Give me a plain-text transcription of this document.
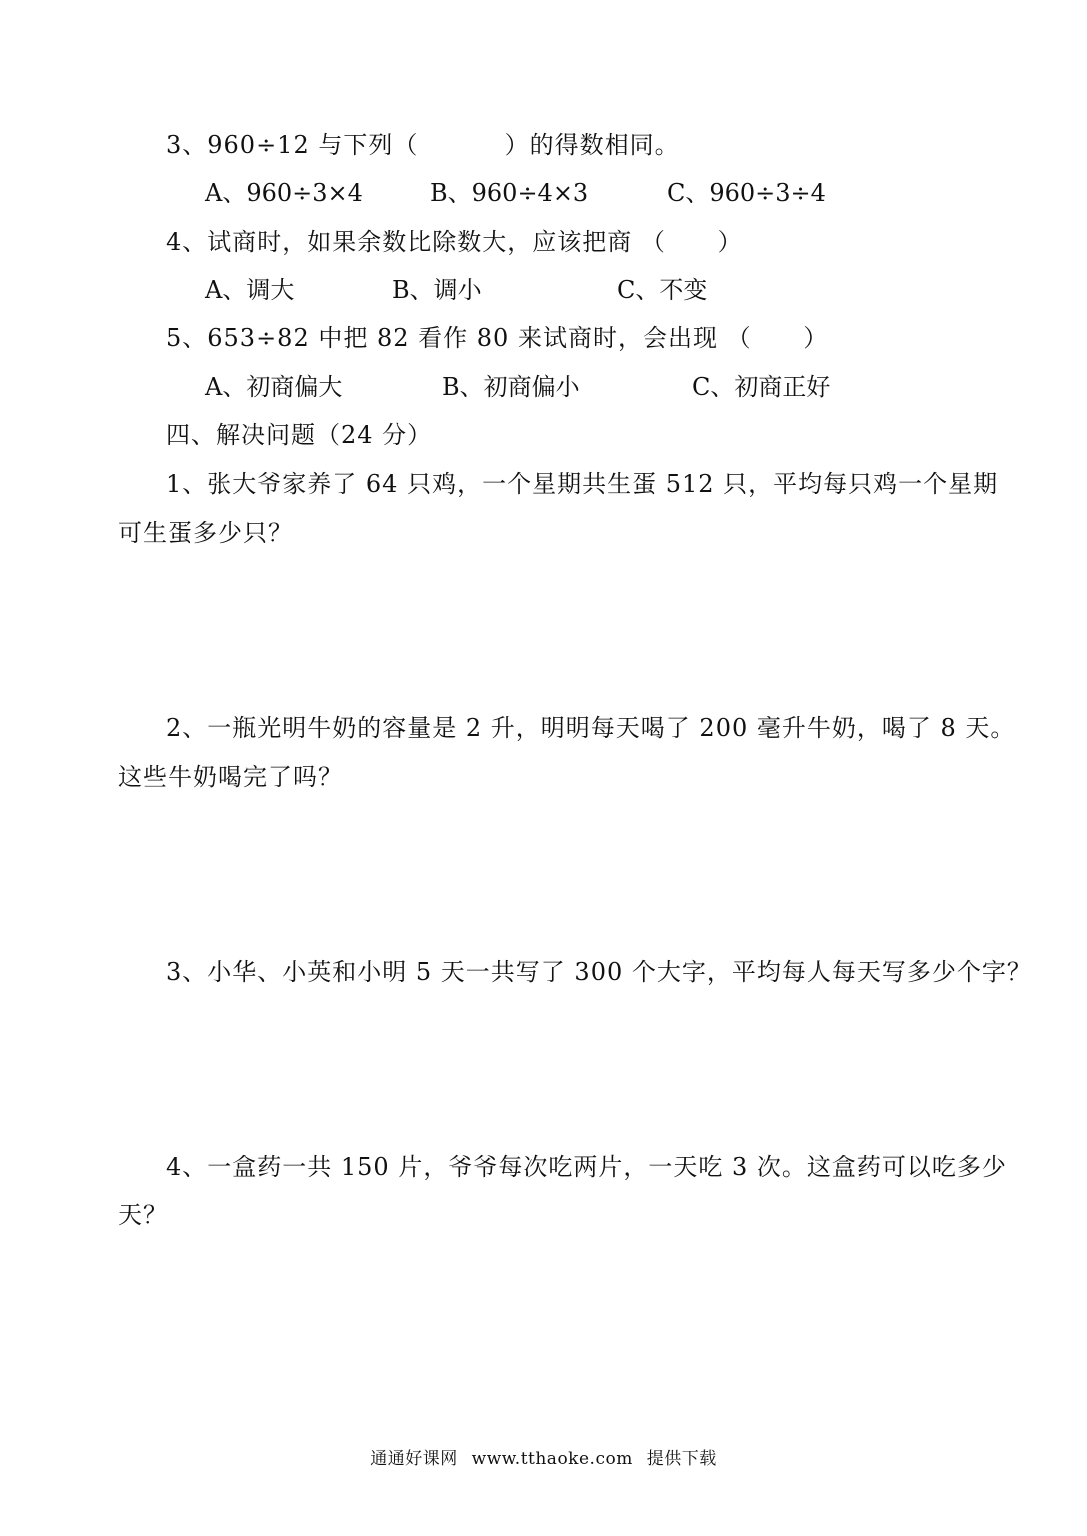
3、960÷12 与下列（          ）的得数相同。
A、960÷3×4	B、960÷4×3	C、960÷3÷4
4、试商时，如果余数比除数大，应该把商 （      ）
A、调大	B、调小	C、不变
5、653÷82 中把 82 看作 80 来试商时，会出现 （      ）
A、初商偏大	B、初商偏小	C、初商正好
四、解决问题（24 分）
1、张大爷家养了 64 只鸡，一个星期共生蛋 512 只，平均每只鸡一个星期
可生蛋多少只？
2、一瓶光明牛奶的容量是 2 升，明明每天喝了 200 毫升牛奶，喝了 8 天。
这些牛奶喝完了吗？
3、小华、小英和小明 5 天一共写了 300 个大字，平均每人每天写多少个字？
4、一盒药一共 150 片，爷爷每次吃两片，一天吃 3 次。这盒药可以吃多少
天？
通通好课网 www.tthaoke.com 提供下载
